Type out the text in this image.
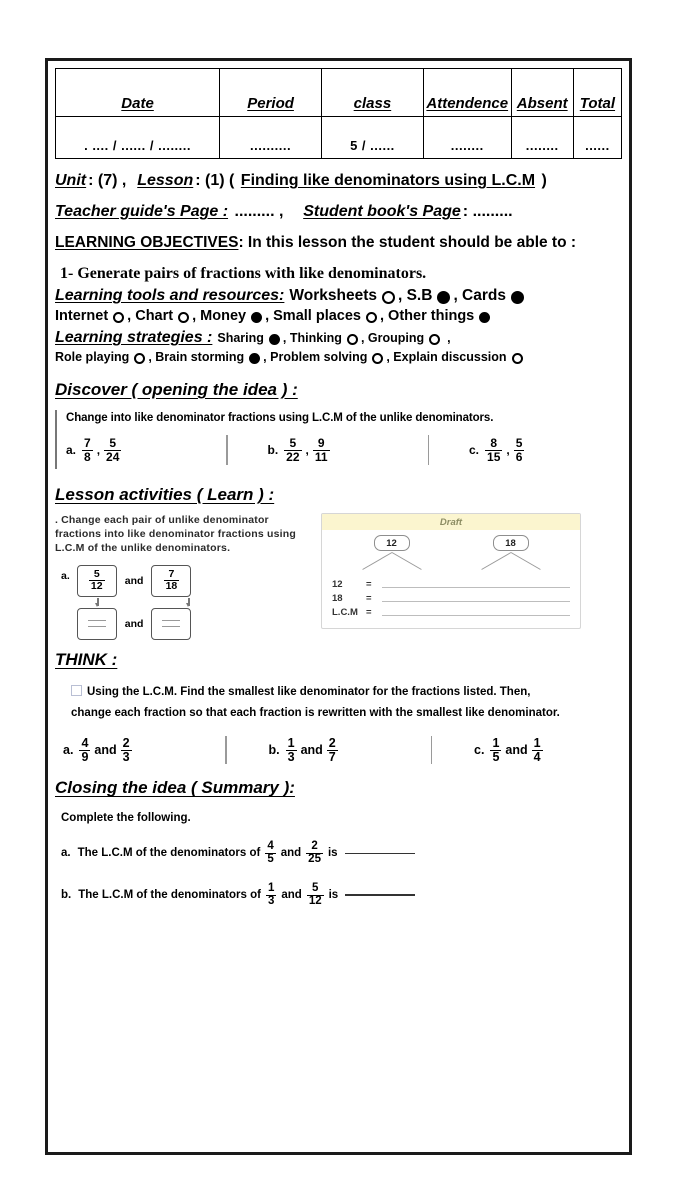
Date	Period	class	Attendence	Absent	Total
. .... / ...... / ........	..........	5 / ......	........	........	......
Unit : (7) , Lesson : (1) ( Finding like denominators using L.C.M )
Teacher guide's Page : ......... , Student book's Page : .........
LEARNING OBJECTIVES: In this lesson the student should be able to :
1- Generate pairs of fractions with like denominators.
Learning tools and resources: Worksheets , S.B , Cards
Internet , Chart , Money , Small places , Other things
Learning strategies : Sharing , Thinking , Grouping ,
Role playing , Brain storming , Problem solving , Explain discussion
Discover ( opening the idea ) :
Change into like denominator fractions using L.C.M of the unlike denominators.
a. $\frac{7}{8}$ , $\frac{5}{24}$	b. $\frac{5}{22}$ , $\frac{9}{11}$	c. $\frac{8}{15}$ , $\frac{5}{6}$
Lesson activities ( Learn ) :
. Change each pair of unlike denominator fractions into like denominator fractions using L.C.M of the unlike denominators.
a. $\frac{5}{12}$ and $\frac{7}{18}$
and
Draft
12	18
12	=
18	=
L.C.M =
THINK :
Using the L.C.M. Find the smallest like denominator for the fractions listed. Then,
change each fraction so that each fraction is rewritten with the smallest like denominator.
a. $\frac{4}{9}$ and $\frac{2}{3}$	b. $\frac{1}{3}$ and $\frac{2}{7}$	c. $\frac{1}{5}$ and $\frac{1}{4}$
Closing the idea ( Summary ):
Complete the following.
a. The L.C.M of the denominators of $\frac{4}{5}$ and $\frac{2}{25}$ is
b. The L.C.M of the denominators of $\frac{1}{3}$ and $\frac{5}{12}$ is
